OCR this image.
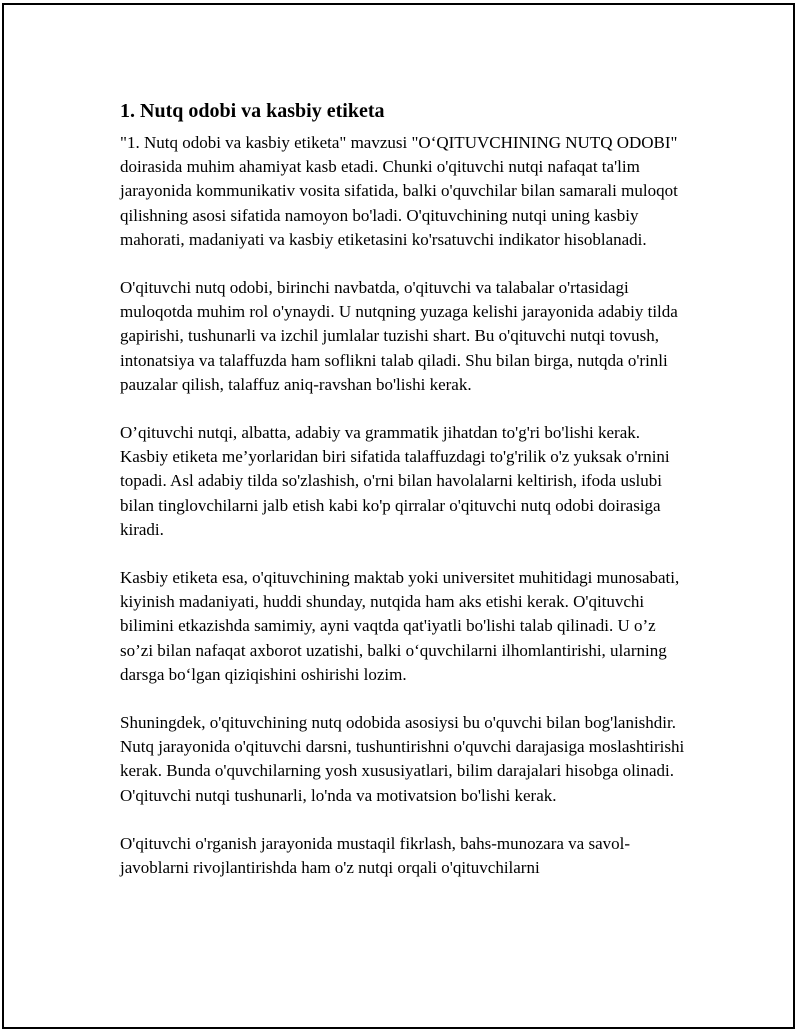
1. Nutq odobi va kasbiy etiketa

"1. Nutq odobi va kasbiy etiketa" mavzusi "O‘QITUVCHINING NUTQ ODOBI" doirasida muhim ahamiyat kasb etadi. Chunki o'qituvchi nutqi nafaqat ta'lim jarayonida kommunikativ vosita sifatida, balki o'quvchilar bilan samarali muloqot qilishning asosi sifatida namoyon bo'ladi. O'qituvchining nutqi uning kasbiy mahorati, madaniyati va kasbiy etiketasini ko'rsatuvchi indikator hisoblanadi.

O'qituvchi nutq odobi, birinchi navbatda, o'qituvchi va talabalar o'rtasidagi muloqotda muhim rol o'ynaydi. U nutqning yuzaga kelishi jarayonida adabiy tilda gapirishi, tushunarli va izchil jumlalar tuzishi shart. Bu o'qituvchi nutqi tovush, intonatsiya va talaffuzda ham soflikni talab qiladi. Shu bilan birga, nutqda o'rinli pauzalar qilish, talaffuz aniq-ravshan bo'lishi kerak.

O’qituvchi nutqi, albatta, adabiy va grammatik jihatdan to'g'ri bo'lishi kerak. Kasbiy etiketa me’yorlaridan biri sifatida talaffuzdagi to'g'rilik o'z yuksak o'rnini topadi. Asl adabiy tilda so'zlashish, o'rni bilan havolalarni keltirish, ifoda uslubi bilan tinglovchilarni jalb etish kabi ko'p qirralar o'qituvchi nutq odobi doirasiga kiradi.

Kasbiy etiketa esa, o'qituvchining maktab yoki universitet muhitidagi munosabati, kiyinish madaniyati, huddi shunday, nutqida ham aks etishi kerak. O'qituvchi bilimini etkazishda samimiy, ayni vaqtda qat'iyatli bo'lishi talab qilinadi. U o’z so’zi bilan nafaqat axborot uzatishi, balki o‘quvchilarni ilhomlantirishi, ularning darsga bo‘lgan qiziqishini oshirishi lozim.

Shuningdek, o'qituvchining nutq odobida asosiysi bu o'quvchi bilan bog'lanishdir. Nutq jarayonida o'qituvchi darsni, tushuntirishni o'quvchi darajasiga moslashtirishi kerak. Bunda o'quvchilarning yosh xususiyatlari, bilim darajalari hisobga olinadi. O'qituvchi nutqi tushunarli, lo'nda va motivatsion bo'lishi kerak.

O'qituvchi o'rganish jarayonida mustaqil fikrlash, bahs-munozara va savol-javoblarni rivojlantirishda ham o'z nutqi orqali o'qituvchilarni
